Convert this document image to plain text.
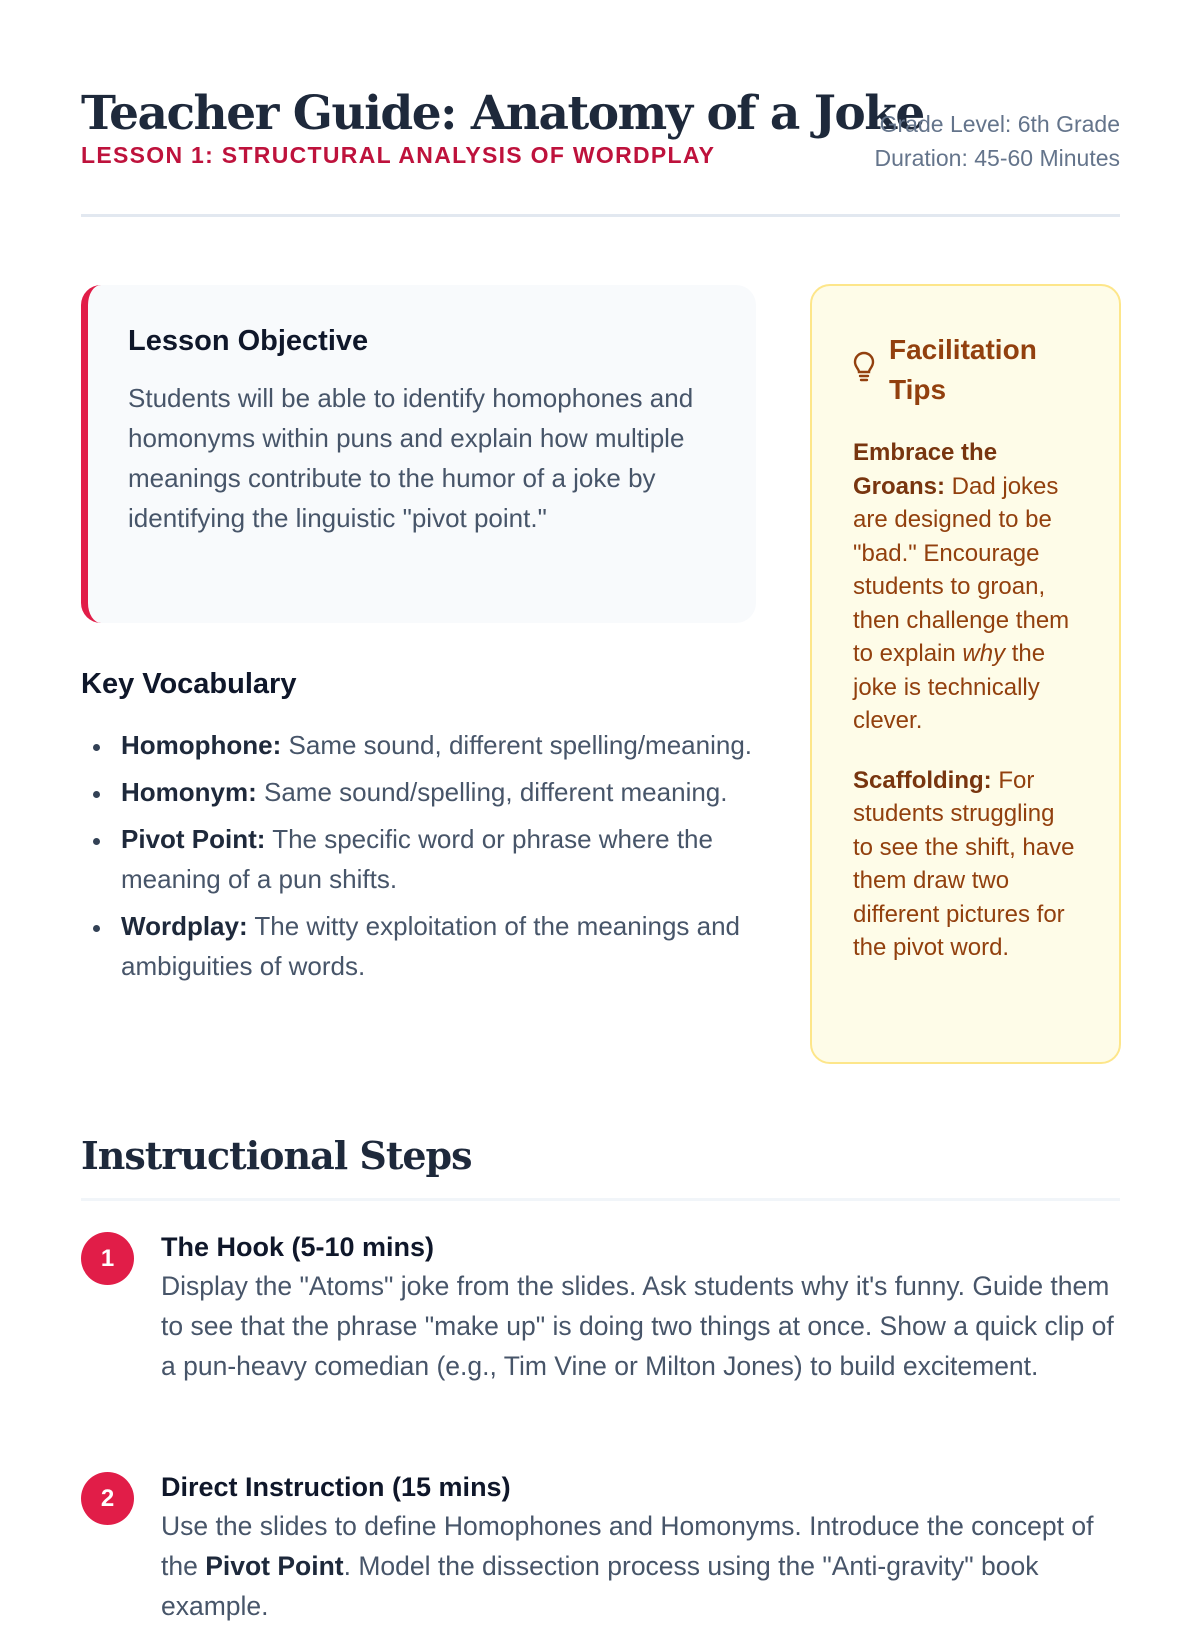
Teacher Guide: Anatomy of a Joke
LESSON 1: STRUCTURAL ANALYSIS OF WORDPLAY
Grade Level: 6th Grade
Duration: 45-60 Minutes
Lesson Objective

Students will be able to identify homophones and homonyms within puns and explain how multiple meanings contribute to the humor of a joke by identifying the linguistic "pivot point."

Key Vocabulary
Homophone: Same sound, different spelling/meaning.
Homonym: Same sound/spelling, different meaning.
Pivot Point: The specific word or phrase where the meaning of a pun shifts.
Wordplay: The witty exploitation of the meanings and ambiguities of words.
Facilitation Tips

Embrace the Groans: Dad jokes are designed to be "bad." Encourage students to groan, then challenge them to explain why the joke is technically clever.

Scaffolding: For students struggling to see the shift, have them draw two different pictures for the pivot word.

Instructional Steps
1	The Hook (5-10 mins)

Display the "Atoms" joke from the slides. Ask students why it's funny. Guide them to see that the phrase "make up" is doing two things at once. Show a quick clip of a pun-heavy comedian (e.g., Tim Vine or Milton Jones) to build excitement.

2	Direct Instruction (15 mins)

Use the slides to define Homophones and Homonyms. Introduce the concept of the Pivot Point. Model the dissection process using the "Anti-gravity" book example.
